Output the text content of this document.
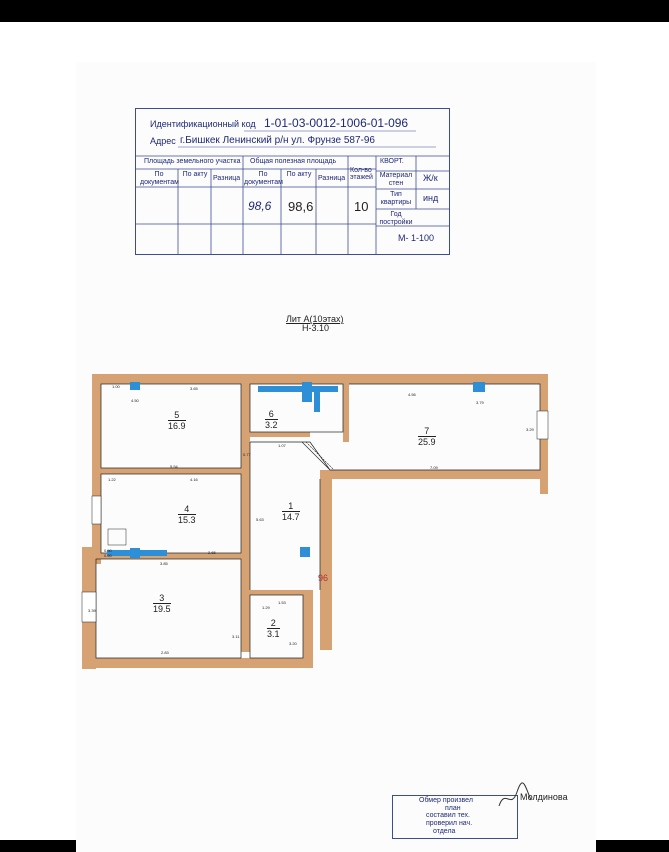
Идентификационный код 1-01-03-0012-1006-01-096
Адрес г.Бишкек Ленинский р/н ул. Фрунзе 587-96
Площадь земельного участка Общая полезная площадь
Кол-во этажей
По документам
По акту
Разница
По документам
По акту
Разница
98,6 98,6	10
КВОРТ.
Материал стен
Ж/к
Тип квартиры	инд
Год постройки
М- 1-100
Лит А(10этах)
Н-3.10
5
16.9
6
3.2
7
25.9
4
15.3
1
14.7
3
19.5
2
3.1
96
1.00
4.50
3.65
3.79
4.56
3.29
5.54
1.07
7.09
4.16
0.90
5.63
0.50
2.65
3.85
3.39
1.29
1.53
2.83
0.77
1.22
3.20
3.11
Обмер произвел
план
составил тех.
проверил нач.
отдела
Молдинова
